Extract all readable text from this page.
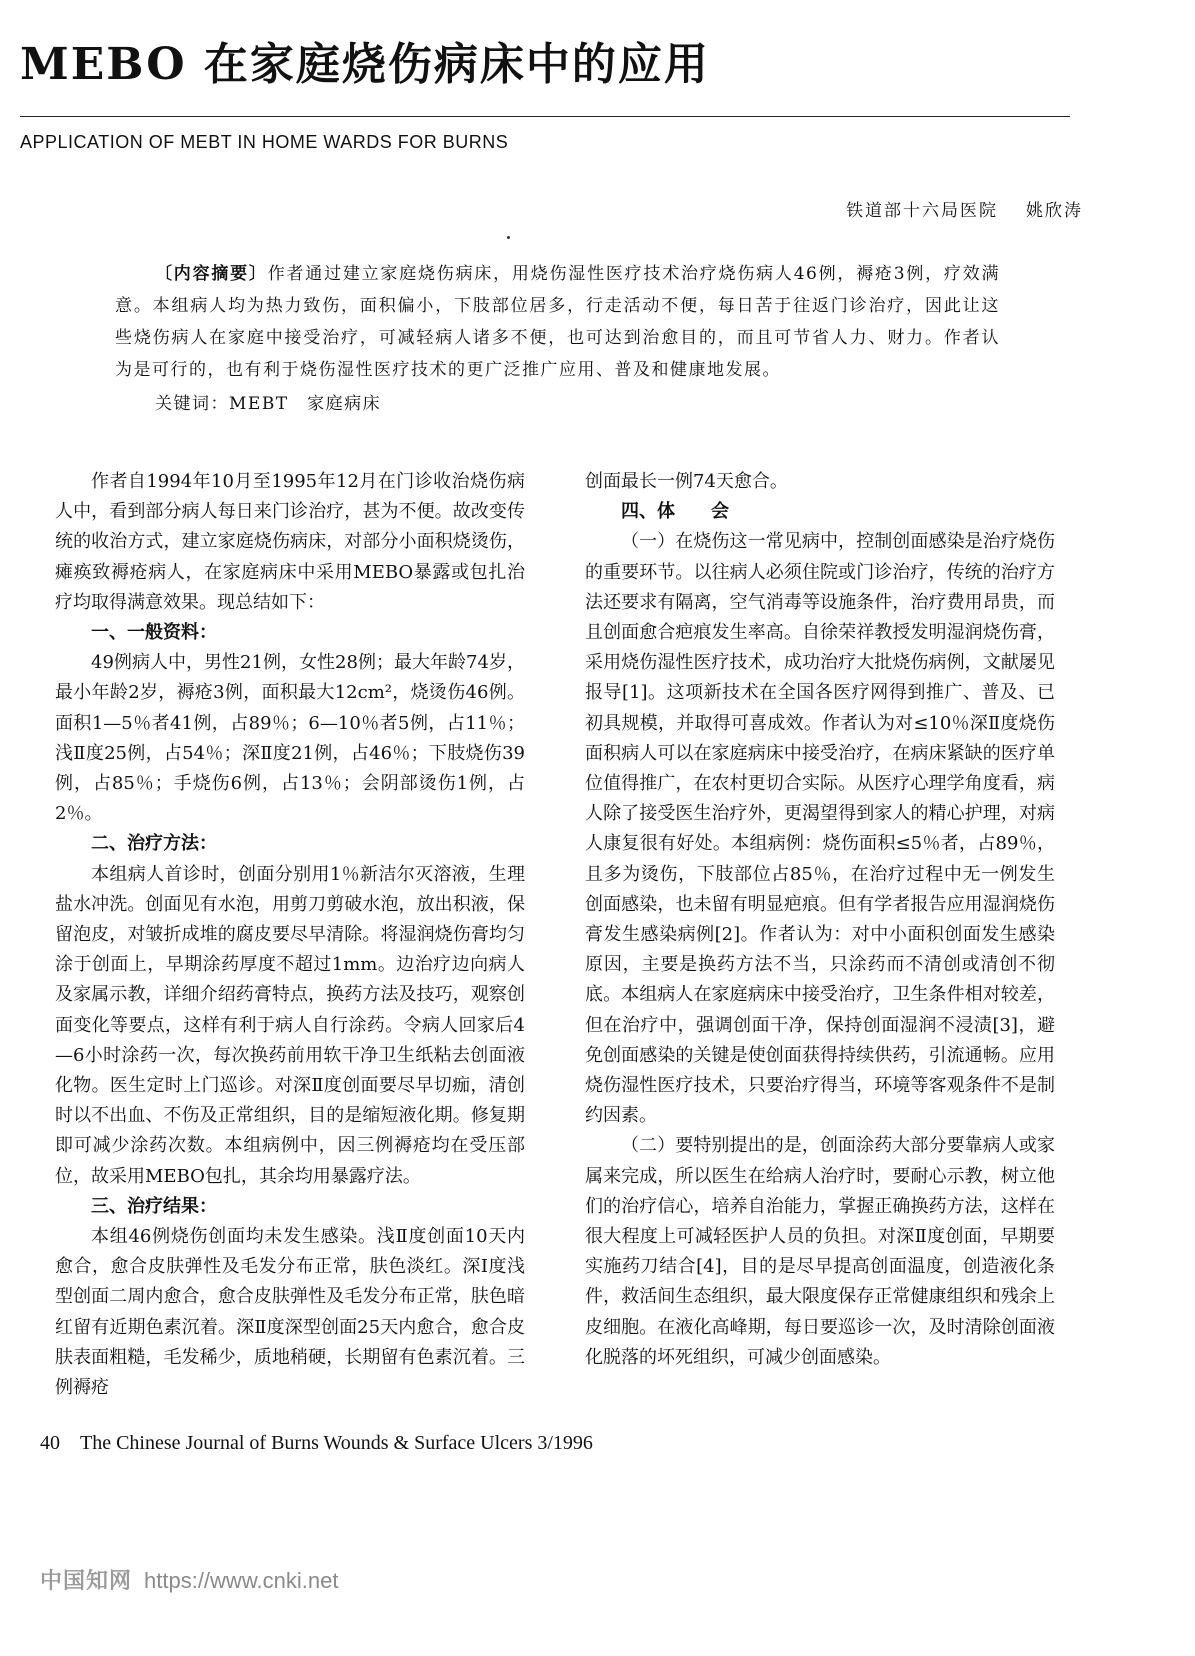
MEBO 在家庭烧伤病床中的应用
APPLICATION OF MEBT IN HOME WARDS FOR BURNS
铁道部十六局医院 姚欣涛

〔内容摘要〕作者通过建立家庭烧伤病床，用烧伤湿性医疗技术治疗烧伤病人46例，褥疮3例，疗效满意。本组病人均为热力致伤，面积偏小，下肢部位居多，行走活动不便，每日苦于往返门诊治疗，因此让这些烧伤病人在家庭中接受治疗，可减轻病人诸多不便，也可达到治愈目的，而且可节省人力、财力。作者认为是可行的，也有利于烧伤湿性医疗技术的更广泛推广应用、普及和健康地发展。

关键词：MEBT　家庭病床

作者自1994年10月至1995年12月在门诊收治烧伤病人中，看到部分病人每日来门诊治疗，甚为不便。故改变传统的收治方式，建立家庭烧伤病床，对部分小面积烧烫伤，瘫痪致褥疮病人，在家庭病床中采用MEBO暴露或包扎治疗均取得满意效果。现总结如下：

一、一般资料：

49例病人中，男性21例，女性28例；最大年龄74岁，最小年龄2岁，褥疮3例，面积最大12cm²，烧烫伤46例。面积1—5％者41例，占89％；6—10％者5例，占11％；浅Ⅱ度25例，占54％；深Ⅱ度21例，占46％；下肢烧伤39例，占85％；手烧伤6例，占13％；会阴部烫伤1例，占2％。

二、治疗方法：

本组病人首诊时，创面分别用1％新洁尔灭溶液，生理盐水冲洗。创面见有水泡，用剪刀剪破水泡，放出积液，保留泡皮，对皱折成堆的腐皮要尽早清除。将湿润烧伤膏均匀涂于创面上，早期涂药厚度不超过1mm。边治疗边向病人及家属示教，详细介绍药膏特点，换药方法及技巧，观察创面变化等要点，这样有利于病人自行涂药。令病人回家后4—6小时涂药一次，每次换药前用软干净卫生纸粘去创面液化物。医生定时上门巡诊。对深Ⅱ度创面要尽早切痂，清创时以不出血、不伤及正常组织，目的是缩短液化期。修复期即可减少涂药次数。本组病例中，因三例褥疮均在受压部位，故采用MEBO包扎，其余均用暴露疗法。

三、治疗结果：

本组46例烧伤创面均未发生感染。浅Ⅱ度创面10天内愈合，愈合皮肤弹性及毛发分布正常，肤色淡红。深Ⅰ度浅型创面二周内愈合，愈合皮肤弹性及毛发分布正常，肤色暗红留有近期色素沉着。深Ⅱ度深型创面25天内愈合，愈合皮肤表面粗糙，毛发稀少，质地稍硬，长期留有色素沉着。三例褥疮

创面最长一例74天愈合。

四、体　　会

（一）在烧伤这一常见病中，控制创面感染是治疗烧伤的重要环节。以往病人必须住院或门诊治疗，传统的治疗方法还要求有隔离，空气消毒等设施条件，治疗费用昂贵，而且创面愈合疤痕发生率高。自徐荣祥教授发明湿润烧伤膏，采用烧伤湿性医疗技术，成功治疗大批烧伤病例，文献屡见报导[1]。这项新技术在全国各医疗网得到推广、普及、已初具规模，并取得可喜成效。作者认为对≤10％深Ⅱ度烧伤面积病人可以在家庭病床中接受治疗，在病床紧缺的医疗单位值得推广，在农村更切合实际。从医疗心理学角度看，病人除了接受医生治疗外，更渴望得到家人的精心护理，对病人康复很有好处。本组病例：烧伤面积≤5％者，占89％，且多为烫伤，下肢部位占85％，在治疗过程中无一例发生创面感染，也未留有明显疤痕。但有学者报告应用湿润烧伤膏发生感染病例[2]。作者认为：对中小面积创面发生感染原因，主要是换药方法不当，只涂药而不清创或清创不彻底。本组病人在家庭病床中接受治疗，卫生条件相对较差，但在治疗中，强调创面干净，保持创面湿润不浸渍[3]，避免创面感染的关键是使创面获得持续供药，引流通畅。应用烧伤湿性医疗技术，只要治疗得当，环境等客观条件不是制约因素。

（二）要特别提出的是，创面涂药大部分要靠病人或家属来完成，所以医生在给病人治疗时，要耐心示教，树立他们的治疗信心，培养自治能力，掌握正确换药方法，这样在很大程度上可减轻医护人员的负担。对深Ⅱ度创面，早期要实施药刀结合[4]，目的是尽早提高创面温度，创造液化条件，救活间生态组织，最大限度保存正常健康组织和残余上皮细胞。在液化高峰期，每日要巡诊一次，及时清除创面液化脱落的坏死组织，可减少创面感染。

40 The Chinese Journal of Burns Wounds & Surface Ulcers 3/1996
中国知网 https://www.cnki.net
